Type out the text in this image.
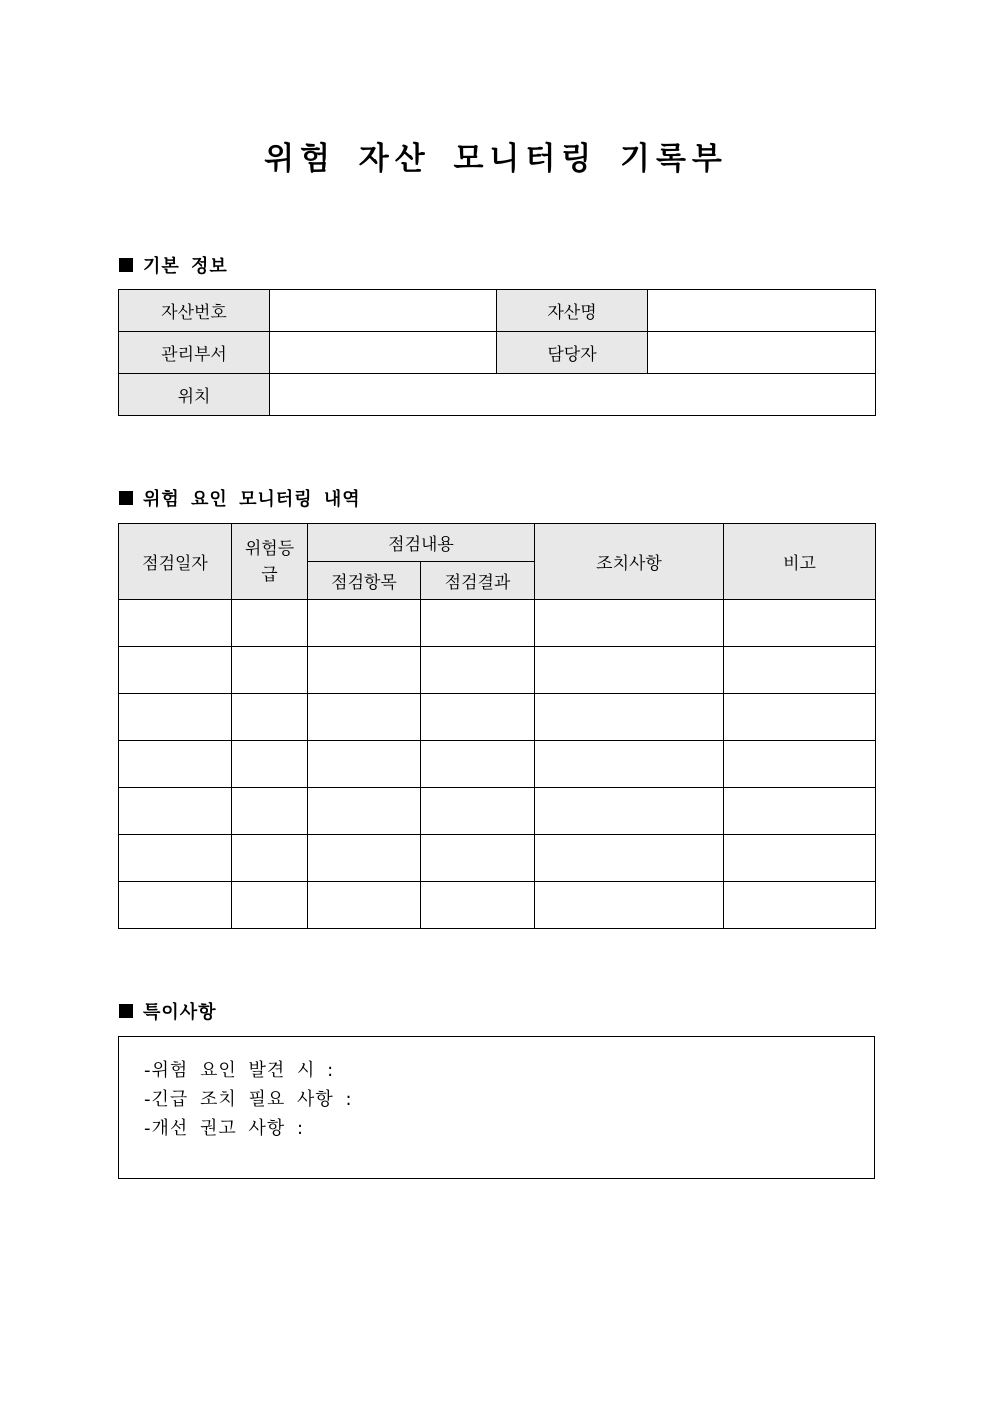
위험 자산 모니터링 기록부
기본 정보
자산번호		자산명	
관리부서		담당자	
위치			
위험 요인 모니터링 내역
점검일자	위험등급	점검내용		조치사항	비고
		점검항목	점검결과		

특이사항
-위험 요인 발견 시 :
-긴급 조치 필요 사항 :
-개선 권고 사항 :
